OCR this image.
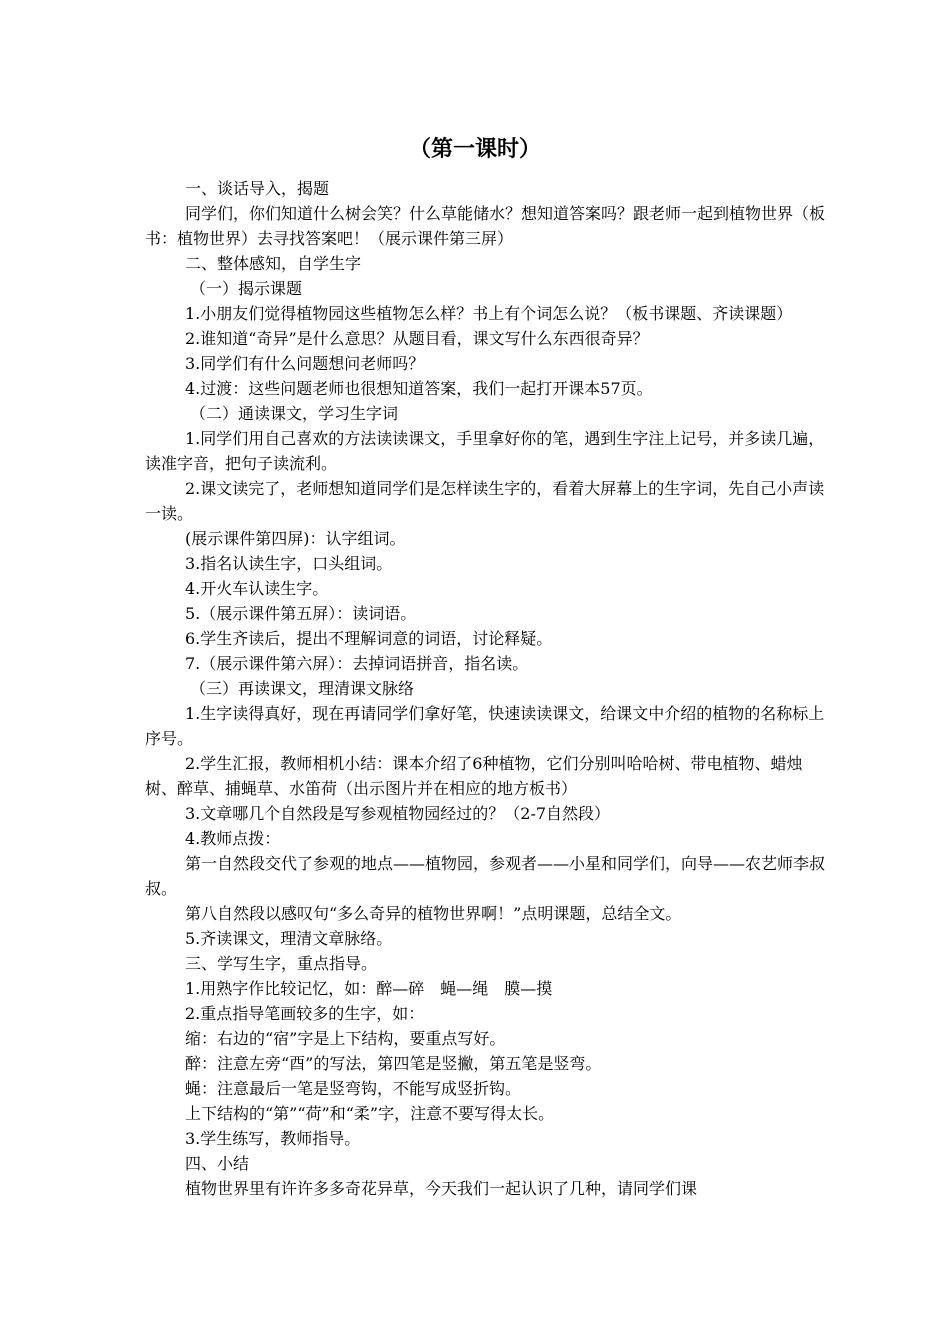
（第一课时）

一、谈话导入，揭题

同学们，你们知道什么树会笑？什么草能储水？想知道答案吗？跟老师一起到植物世界（板书：植物世界）去寻找答案吧！（展示课件第三屏）

二、整体感知，自学生字

（一）揭示课题

1.小朋友们觉得植物园这些植物怎么样？书上有个词怎么说？（板书课题、齐读课题）

2.谁知道“奇异”是什么意思？从题目看，课文写什么东西很奇异？

3.同学们有什么问题想问老师吗？

4.过渡：这些问题老师也很想知道答案，我们一起打开课本57页。

（二）通读课文，学习生字词

1.同学们用自己喜欢的方法读读课文，手里拿好你的笔，遇到生字注上记号，并多读几遍，读准字音，把句子读流利。

2.课文读完了，老师想知道同学们是怎样读生字的，看着大屏幕上的生字词，先自己小声读一读。

(展示课件第四屏)：认字组词。

3.指名认读生字，口头组词。

4.开火车认读生字。

5.（展示课件第五屏）：读词语。

6.学生齐读后，提出不理解词意的词语，讨论释疑。

7.（展示课件第六屏）：去掉词语拼音，指名读。

（三）再读课文，理清课文脉络

1.生字读得真好，现在再请同学们拿好笔，快速读读课文，给课文中介绍的植物的名称标上序号。

2.学生汇报，教师相机小结：课本介绍了6种植物，它们分别叫哈哈树、带电植物、蜡烛树、醉草、捕蝇草、水笛荷（出示图片并在相应的地方板书）

3.文章哪几个自然段是写参观植物园经过的？（2-7自然段）

4.教师点拨：

第一自然段交代了参观的地点——植物园，参观者——小星和同学们，向导——农艺师李叔叔。

第八自然段以感叹句“多么奇异的植物世界啊！”点明课题，总结全文。

5.齐读课文，理清文章脉络。

三、学写生字，重点指导。

1.用熟字作比较记忆，如：醉—碎　蝇—绳　膜—摸

2.重点指导笔画较多的生字，如：

缩：右边的“宿”字是上下结构，要重点写好。

醉：注意左旁“酉”的写法，第四笔是竖撇，第五笔是竖弯。

蝇：注意最后一笔是竖弯钩，不能写成竖折钩。

上下结构的“第”“荷”和“柔”字，注意不要写得太长。

3.学生练写，教师指导。

四、小结

植物世界里有许许多多奇花异草，今天我们一起认识了几种，请同学们课
